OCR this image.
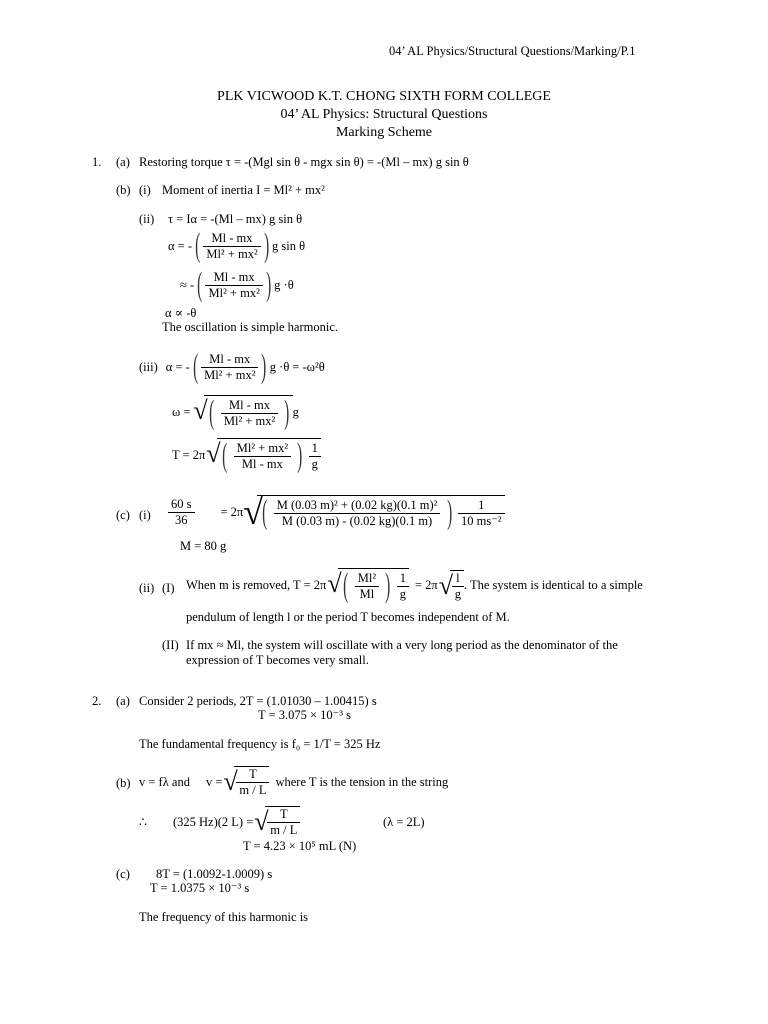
04’ AL Physics/Structural Questions/Marking/P.1
PLK VICWOOD K.T. CHONG SIXTH FORM COLLEGE
04’ AL Physics: Structural Questions
Marking Scheme
1. (a) Restoring torque τ = -(Mgl sin θ - mgx sin θ) = -(Ml – mx) g sin θ
(b) (i) Moment of inertia I = Ml² + mx²
(ii) τ = Iα = -(Ml – mx) g sin θ
α = - ( $\frac{Ml - mx}{\text{Ml² + mx²}}$ ) g sin θ
≈ - ( $\frac{Ml - mx}{\text{Ml² + mx²}}$ ) g ·θ
α ∝ -θ
The oscillation is simple harmonic.
(iii) α = - ( $\frac{Ml - mx}{\text{Ml² + mx²}}$ ) g ·θ = -ω²θ
ω = √ ( $\frac{Ml - mx}{\text{Ml² + mx²}}$ ) g
T = 2π √ ( $\frac{\text{Ml² + mx²}}{Ml - mx}$ ) $\frac{1}{g}$
(c) $(i) \frac{60 s}{36} = 2\pi$ √ ( $\frac{\text{M (0.03 m)² + (0.02 kg)(0.1 m)²}}{M (0.03 m) - (0.02 kg)(0.1 m)}$ ) $\frac{1}{\text{10 ms⁻²}}$
M = 80 g
(ii) (I) When m is removed, T = 2π √ ( $\frac{\text{Ml²}}{Ml}$ ) $\frac{1}{g} = 2\pi$ √ $\frac{l}{g}$ . The system is identical to a simple
pendulum of length l or the period T becomes independent of M.
(II) If mx ≈ Ml, the system will oscillate with a very long period as the denominator of the
expression of T becomes very small.
2. (a) Consider 2 periods, 2T = (1.01030 – 1.00415) s
T = 3.075 × 10⁻³ s
The fundamental frequency is f₀ = 1/T = 325 Hz
(b) v = fλ and v = √ $\frac{T}{m / L}$ where T is the tension in the string
∴ (325 Hz)(2 L) = √ $\frac{T}{m / L}$	(λ = 2L)
T = 4.23 × 10⁵ mL (N)
(c) 8T = (1.0092-1.0009) s
T = 1.0375 × 10⁻³ s
The frequency of this harmonic is
